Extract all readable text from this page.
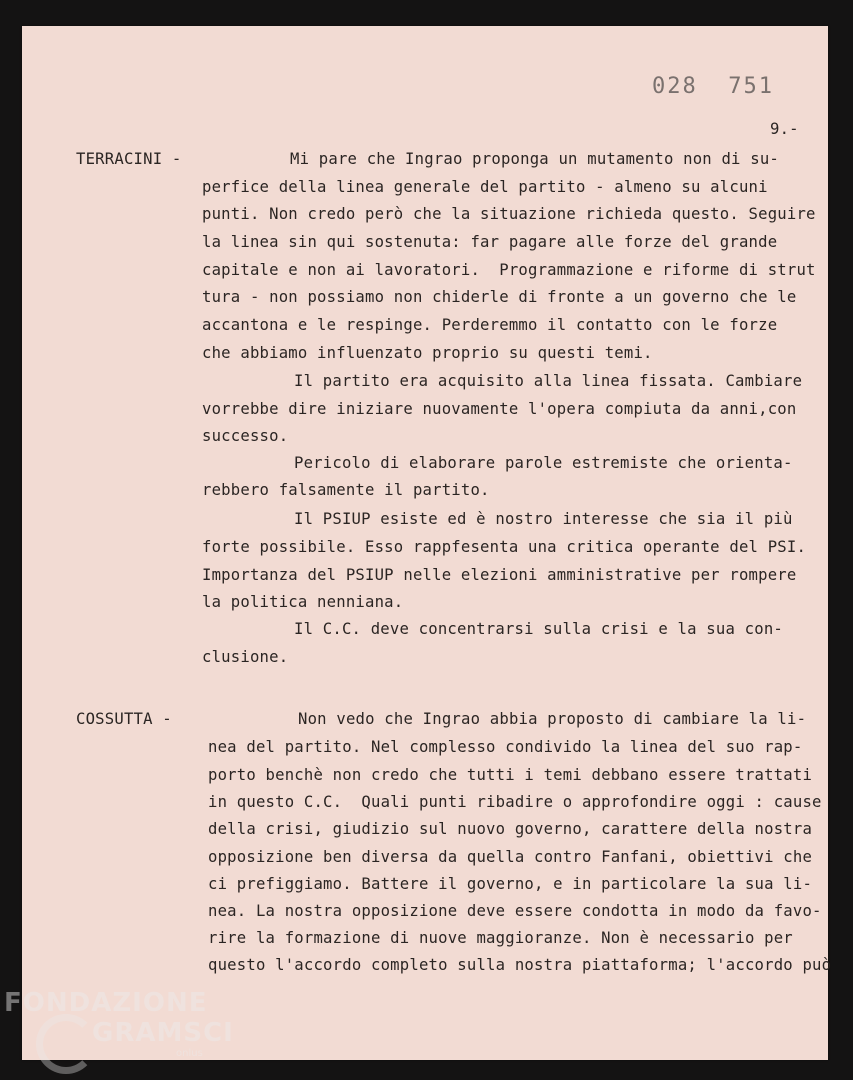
028  751
9.-
TERRACINI -	Mi pare che Ingrao proponga un mutamento non di su-
perfice della linea generale del partito - almeno su alcuni
punti. Non credo però che la situazione richieda questo. Seguire
la linea sin qui sostenuta: far pagare alle forze del grande
capitale e non ai lavoratori.  Programmazione e riforme di strut
tura - non possiamo non chiderle di fronte a un governo che le
accantona e le respinge. Perderemmo il contatto con le forze
che abbiamo influenzato proprio su questi temi.
Il partito era acquisito alla linea fissata. Cambiare
vorrebbe dire iniziare nuovamente l'opera compiuta da anni,con
successo.
Pericolo di elaborare parole estremiste che orienta-
rebbero falsamente il partito.
Il PSIUP esiste ed è nostro interesse che sia il più
forte possibile. Esso rappfesenta una critica operante del PSI.
Importanza del PSIUP nelle elezioni amministrative per rompere
la politica nenniana.
Il C.C. deve concentrarsi sulla crisi e la sua con-
clusione.
COSSUTTA -	Non vedo che Ingrao abbia proposto di cambiare la li-
nea del partito. Nel complesso condivido la linea del suo rap-
porto benchè non credo che tutti i temi debbano essere trattati
in questo C.C.  Quali punti ribadire o approfondire oggi : cause
della crisi, giudizio sul nuovo governo, carattere della nostra
opposizione ben diversa da quella contro Fanfani, obiettivi che
ci prefiggiamo. Battere il governo, e in particolare la sua li-
nea. La nostra opposizione deve essere condotta in modo da favo-
rire la formazione di nuove maggioranze. Non è necessario per
questo l'accordo completo sulla nostra piattaforma; l'accordo può
FONDAZIONE
GRAMSCI
onlus
